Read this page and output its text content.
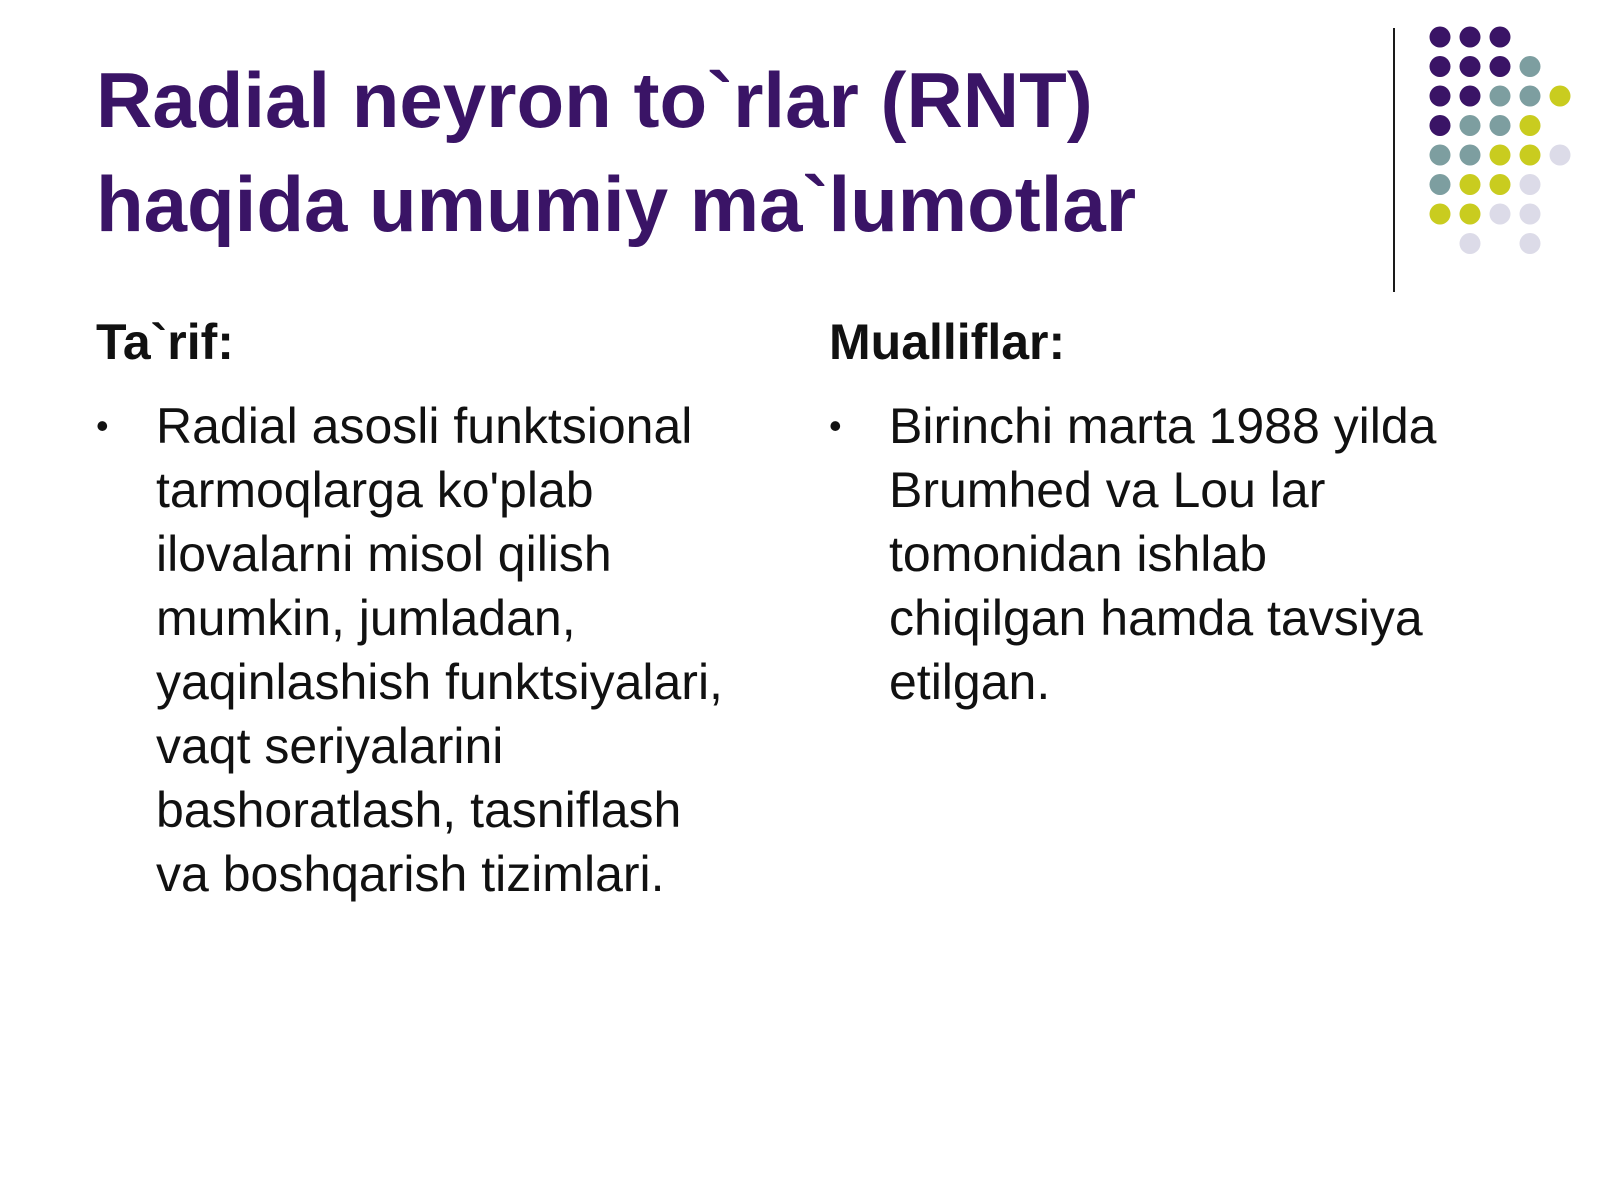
Radial neyron to`rlar (RNT)
haqida umumiy ma`lumotlar
Ta`rif:
• Radial asosli funktsional
tarmoqlarga ko'plab
ilovalarni misol qilish
mumkin, jumladan,
yaqinlashish funktsiyalari,
vaqt seriyalarini
bashoratlash, tasniflash
va boshqarish tizimlari.
Mualliflar:
• Birinchi marta 1988 yilda
Brumhed va Lou lar
tomonidan ishlab
chiqilgan hamda tavsiya
etilgan.
